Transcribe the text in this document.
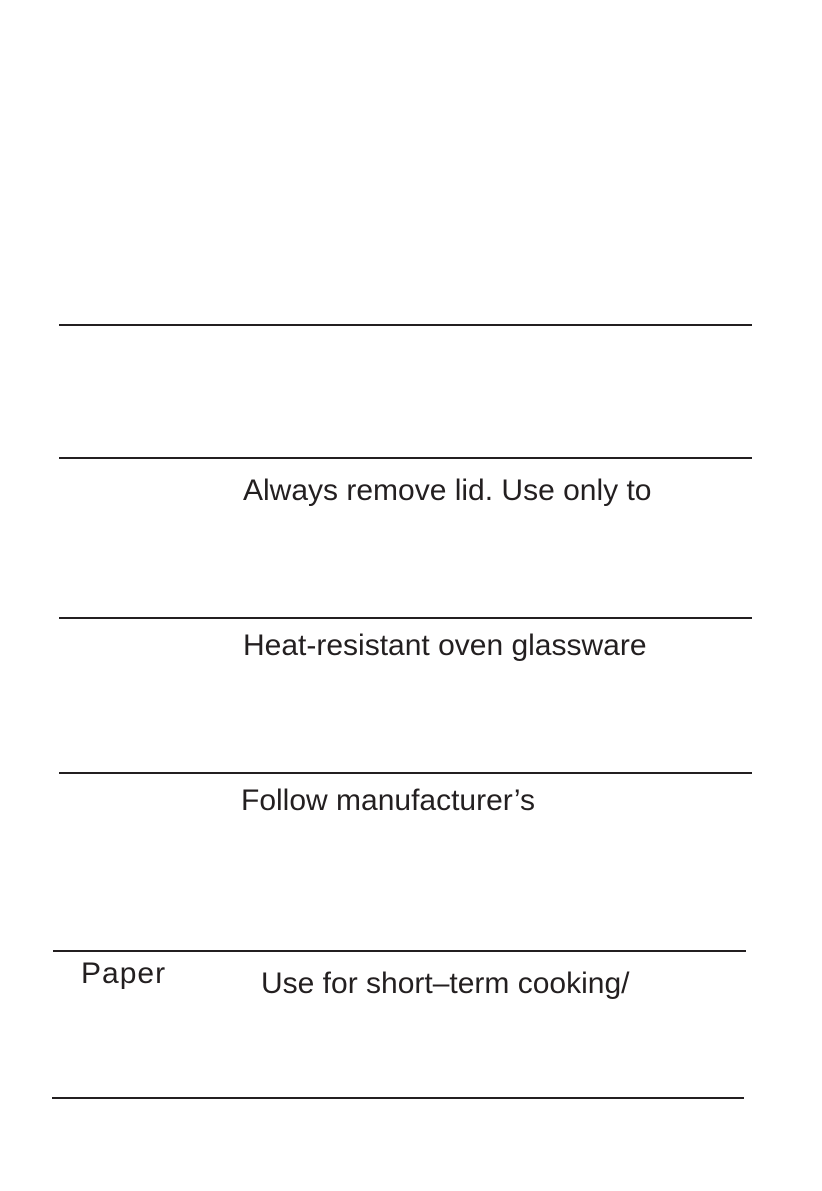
Always remove lid. Use only to
Heat-resistant oven glassware
Follow manufacturer’s
Paper	Use for short–term cooking/
